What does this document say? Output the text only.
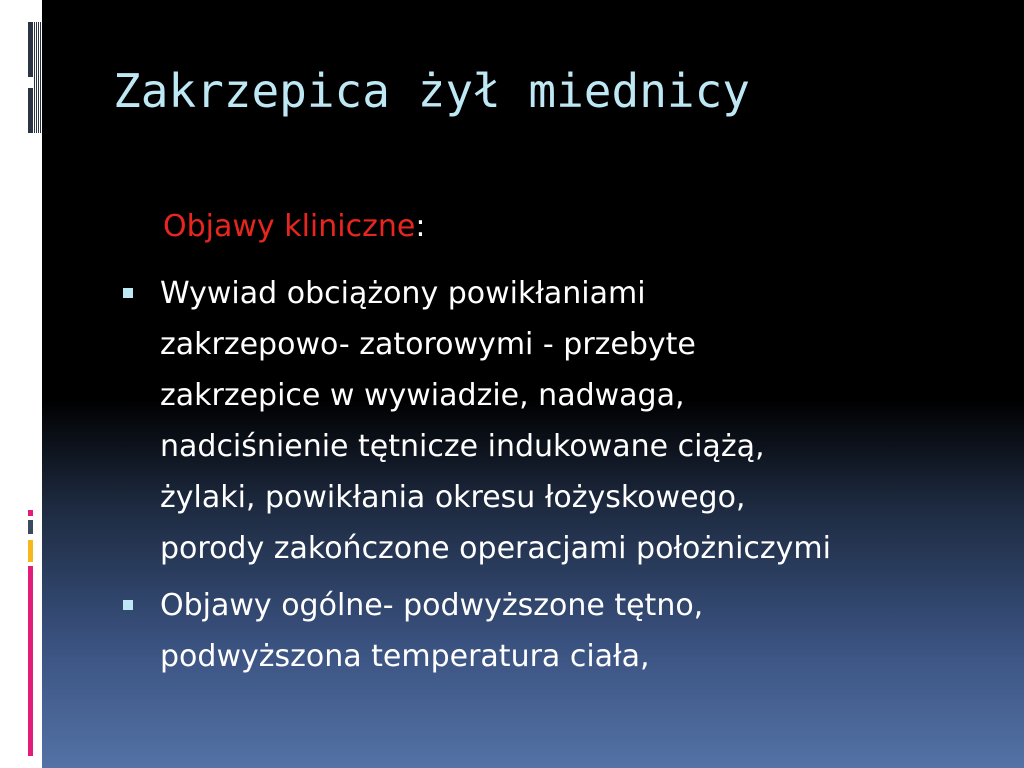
Zakrzepica żył miednicy
Objawy kliniczne:
Wywiad obciążony powikłaniami
zakrzepowo- zatorowymi - przebyte
zakrzepice w wywiadzie, nadwaga,
nadciśnienie tętnicze indukowane ciążą,
żylaki, powikłania okresu łożyskowego,
porody zakończone operacjami położniczymi
Objawy ogólne- podwyższone tętno,
podwyższona temperatura ciała,
